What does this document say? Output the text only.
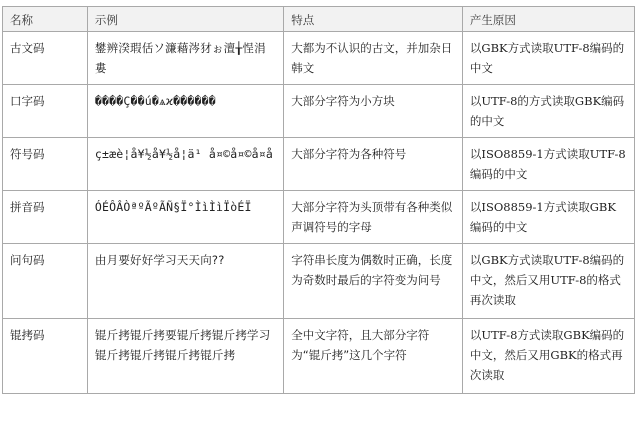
名称	示例	特点	产生原因
古文码	鐢辨湀瑕佸ソ濂藉涔犲ぉ澶╁悜涓婁	大都为不认识的古文，并加杂日韩文	以GBK方式读取UTF-8编码的中文
口字码	����Ҫ��ú�ѧϰ������	大部分字符为小方块	以UTF-8的方式读取GBK编码的中文
符号码	ç±æè¦å¥½å¥½å¦ä¹ å¤©å¤©å¤å	大部分字符为各种符号	以ISO8859-1方式读取UTF-8编码的中文
拼音码	ÓÉÔÂÒªºÃºÃÑ§Ï°ÌìÌìÏòÉÏ	大部分字符为头顶带有各种类似声调符号的字母	以ISO8859-1方式读取GBK编码的中文
问句码	由月要好好学习天天向??	字符串长度为偶数时正确，长度为奇数时最后的字符变为问号	以GBK方式读取UTF-8编码的中文，然后又用UTF-8的格式再次读取
锟拷码	锟斤拷锟斤拷要锟斤拷锟斤拷学习锟斤拷锟斤拷锟斤拷锟斤拷	全中文字符，且大部分字符为“锟斤拷”这几个字符	以UTF-8方式读取GBK编码的中文，然后又用GBK的格式再次读取
